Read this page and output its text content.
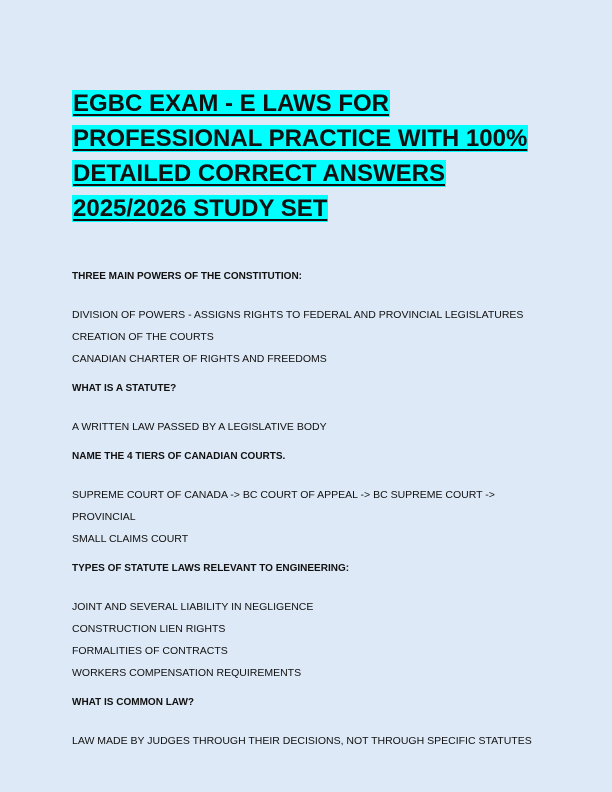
EGBC EXAM - E LAWS FOR PROFESSIONAL PRACTICE WITH 100% DETAILED CORRECT ANSWERS 2025/2026 STUDY SET
THREE MAIN POWERS OF THE CONSTITUTION:
DIVISION OF POWERS - ASSIGNS RIGHTS TO FEDERAL AND PROVINCIAL LEGISLATURES
CREATION OF THE COURTS
CANADIAN CHARTER OF RIGHTS AND FREEDOMS
WHAT IS A STATUTE?
A WRITTEN LAW PASSED BY A LEGISLATIVE BODY
NAME THE 4 TIERS OF CANADIAN COURTS.
SUPREME COURT OF CANADA -> BC COURT OF APPEAL -> BC SUPREME COURT -> PROVINCIAL
SMALL CLAIMS COURT
TYPES OF STATUTE LAWS RELEVANT TO ENGINEERING:
JOINT AND SEVERAL LIABILITY IN NEGLIGENCE
CONSTRUCTION LIEN RIGHTS
FORMALITIES OF CONTRACTS
WORKERS COMPENSATION REQUIREMENTS
WHAT IS COMMON LAW?
LAW MADE BY JUDGES THROUGH THEIR DECISIONS, NOT THROUGH SPECIFIC STATUTES
